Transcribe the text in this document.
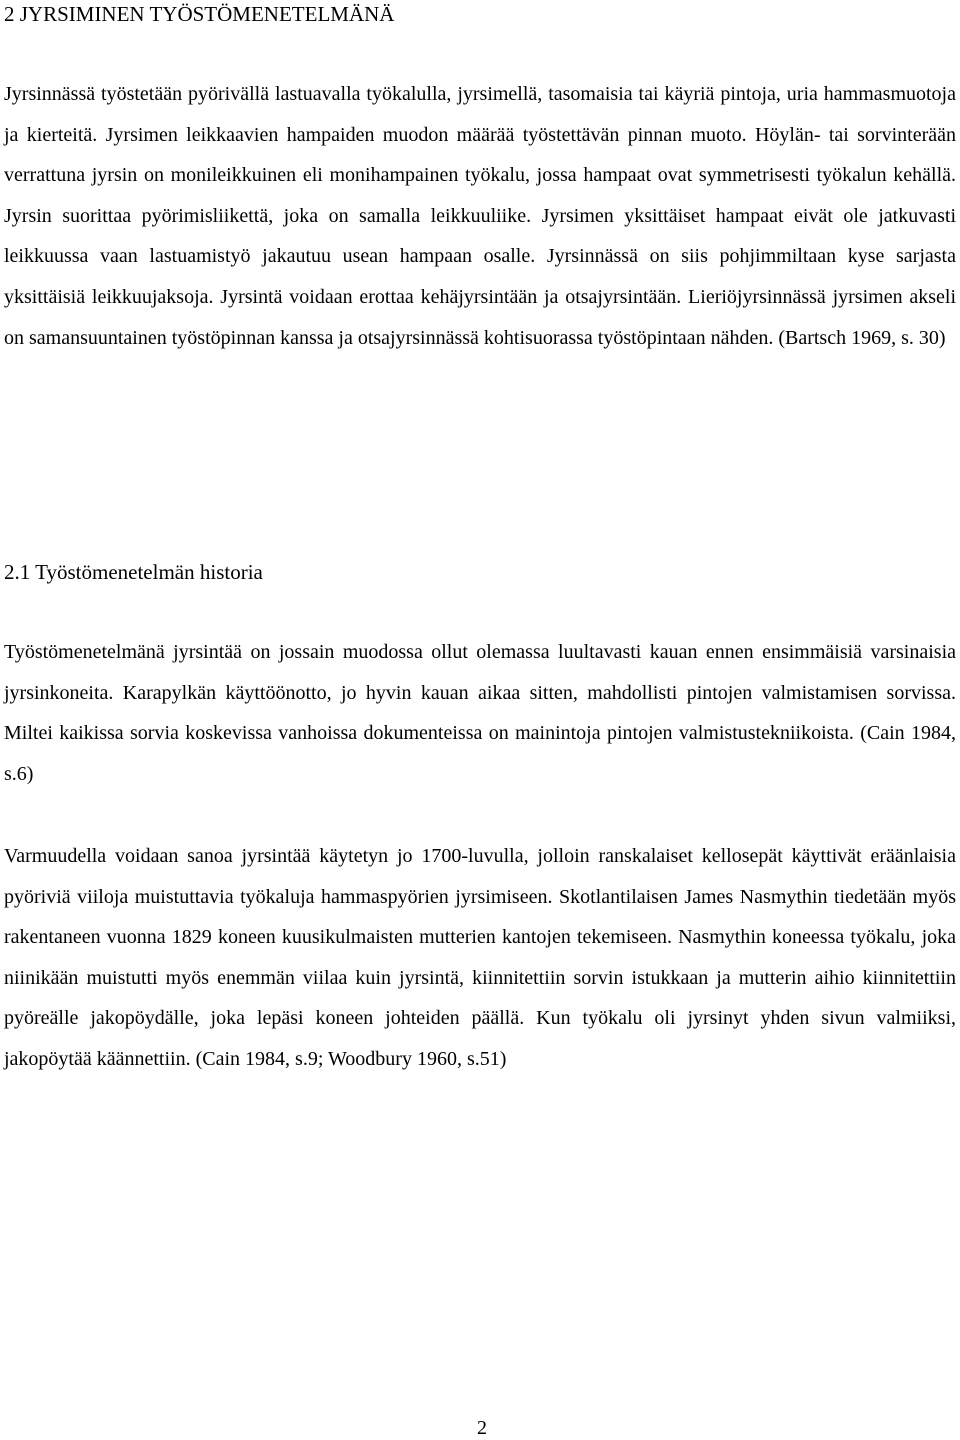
2 JYRSIMINEN TYÖSTÖMENETELMÄNÄ

Jyrsinnässä työstetään pyörivällä lastuavalla työkalulla, jyrsimellä, tasomaisia tai käyriä pintoja, uria hammasmuotoja ja kierteitä. Jyrsimen leikkaavien hampaiden muodon määrää työstettävän pinnan muoto. Höylän- tai sorvinterään verrattuna jyrsin on monileikkuinen eli monihampainen työkalu, jossa hampaat ovat symmetrisesti työkalun kehällä. Jyrsin suorittaa pyörimisliikettä, joka on samalla leikkuuliike. Jyrsimen yksittäiset hampaat eivät ole jatkuvasti leikkuussa vaan lastuamistyö jakautuu usean hampaan osalle. Jyrsinnässä on siis pohjimmiltaan kyse sarjasta yksittäisiä leikkuujaksoja. Jyrsintä voidaan erottaa kehäjyrsintään ja otsajyrsintään. Lieriöjyrsinnässä jyrsimen akseli on samansuuntainen työstöpinnan kanssa ja otsajyrsinnässä kohtisuorassa työstöpintaan nähden. (Bartsch 1969, s. 30)

2.1 Työstömenetelmän historia

Työstömenetelmänä jyrsintää on jossain muodossa ollut olemassa luultavasti kauan ennen ensimmäisiä varsinaisia jyrsinkoneita. Karapylkän käyttöönotto, jo hyvin kauan aikaa sitten, mahdollisti pintojen valmistamisen sorvissa. Miltei kaikissa sorvia koskevissa vanhoissa dokumenteissa on mainintoja pintojen valmistustekniikoista. (Cain 1984, s.6)

Varmuudella voidaan sanoa jyrsintää käytetyn jo 1700-luvulla, jolloin ranskalaiset kellosepät käyttivät eräänlaisia pyöriviä viiloja muistuttavia työkaluja hammaspyörien jyrsimiseen. Skotlantilaisen James Nasmythin tiedetään myös rakentaneen vuonna 1829 koneen kuusikulmaisten mutterien kantojen tekemiseen. Nasmythin koneessa työkalu, joka niinikään muistutti myös enemmän viilaa kuin jyrsintä, kiinnitettiin sorvin istukkaan ja mutterin aihio kiinnitettiin pyöreälle jakopöydälle, joka lepäsi koneen johteiden päällä. Kun työkalu oli jyrsinyt yhden sivun valmiiksi, jakopöytää käännettiin. (Cain 1984, s.9; Woodbury 1960, s.51)

2
